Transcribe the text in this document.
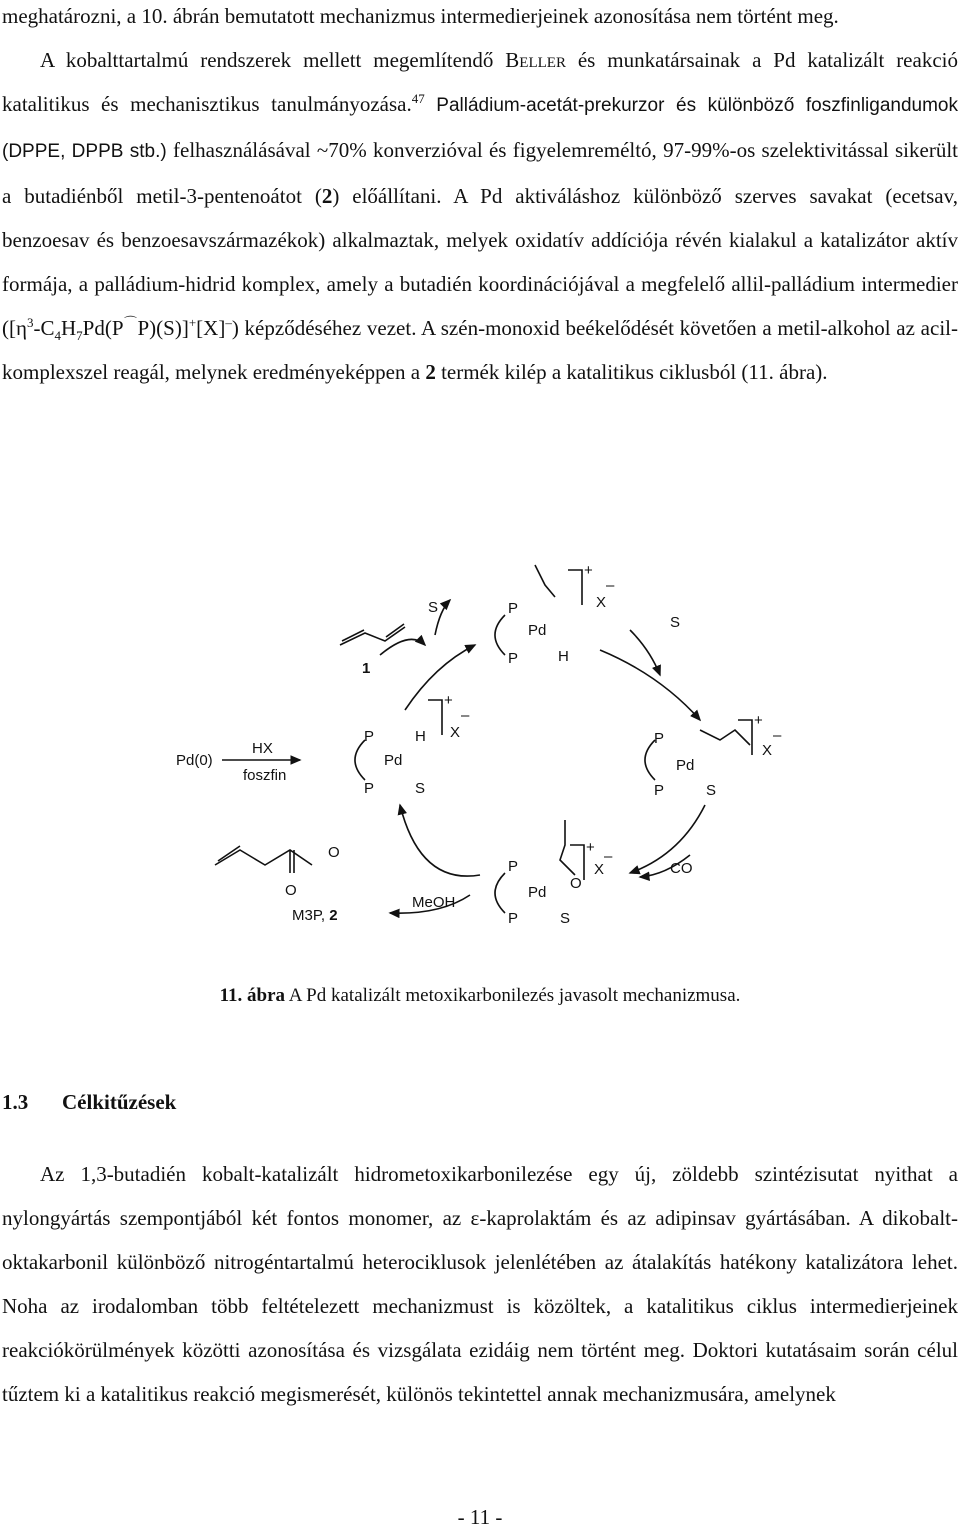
meghatározni, a 10. ábrán bemutatott mechanizmus intermedierjeinek azonosítása nem történt meg.
A kobalttartalmú rendszerek mellett megemlítendő Beller és munkatársainak a Pd katalizált reakció katalitikus és mechanisztikus tanulmányozása.$^{47}$ Palládium-acetát-prekurzor és különböző foszfinligandumok (DPPE, DPPB stb.) felhasználásával ~70% konverzióval és figyelemreméltó, 97-99%-os szelektivitással sikerült a butadiénből metil-3-pentenoátot (2) előállítani. A Pd aktiváláshoz különböző szerves savakat (ecetsav, benzoesav és benzoesavszármazékok) alkalmaztak, melyek oxidatív addíciója révén kialakul a katalizátor aktív formája, a palládium-hidrid komplex, amely a butadién koordinációjával a megfelelő allil-palládium intermedier $([\eta^3-C_4H_7Pd(P^⌒P)(S)]^+[X]^-)$ képződéséhez vezet. A szén-monoxid beékelődését követően a metil-alkohol az acil-komplexszel reagál, melynek eredményeképpen a 2 termék kilép a katalitikus ciklusból (11. ábra).

1
S	P
Pd
P	H
+
X
–
S
Pd(0)
HX
foszfin
P
Pd
P
H
S
+
X
–
P
Pd
P	S
+
X
–
O
O
M3P, 2
MeOH
P
Pd
P	S
O
+
X
–
CO
11. ábra A Pd katalizált metoxikarbonilezés javasolt mechanizmusa.
1.3 Célkitűzések

Az 1,3-butadién kobalt-katalizált hidrometoxikarbonilezése egy új, zöldebb szintézisutat nyithat a nylongyártás szempontjából két fontos monomer, az ε-kaprolaktám és az adipinsav gyártásában. A dikobalt-oktakarbonil különböző nitrogéntartalmú heterociklusok jelenlétében az átalakítás hatékony katalizátora lehet. Noha az irodalomban több feltételezett mechanizmust is közöltek, a katalitikus ciklus intermedierjeinek reakciókörülmények közötti azonosítása és vizsgálata ezidáig nem történt meg. Doktori kutatásaim során célul tűztem ki a katalitikus reakció megismerését, különös tekintettel annak mechanizmusára, amelynek

- 11 -
